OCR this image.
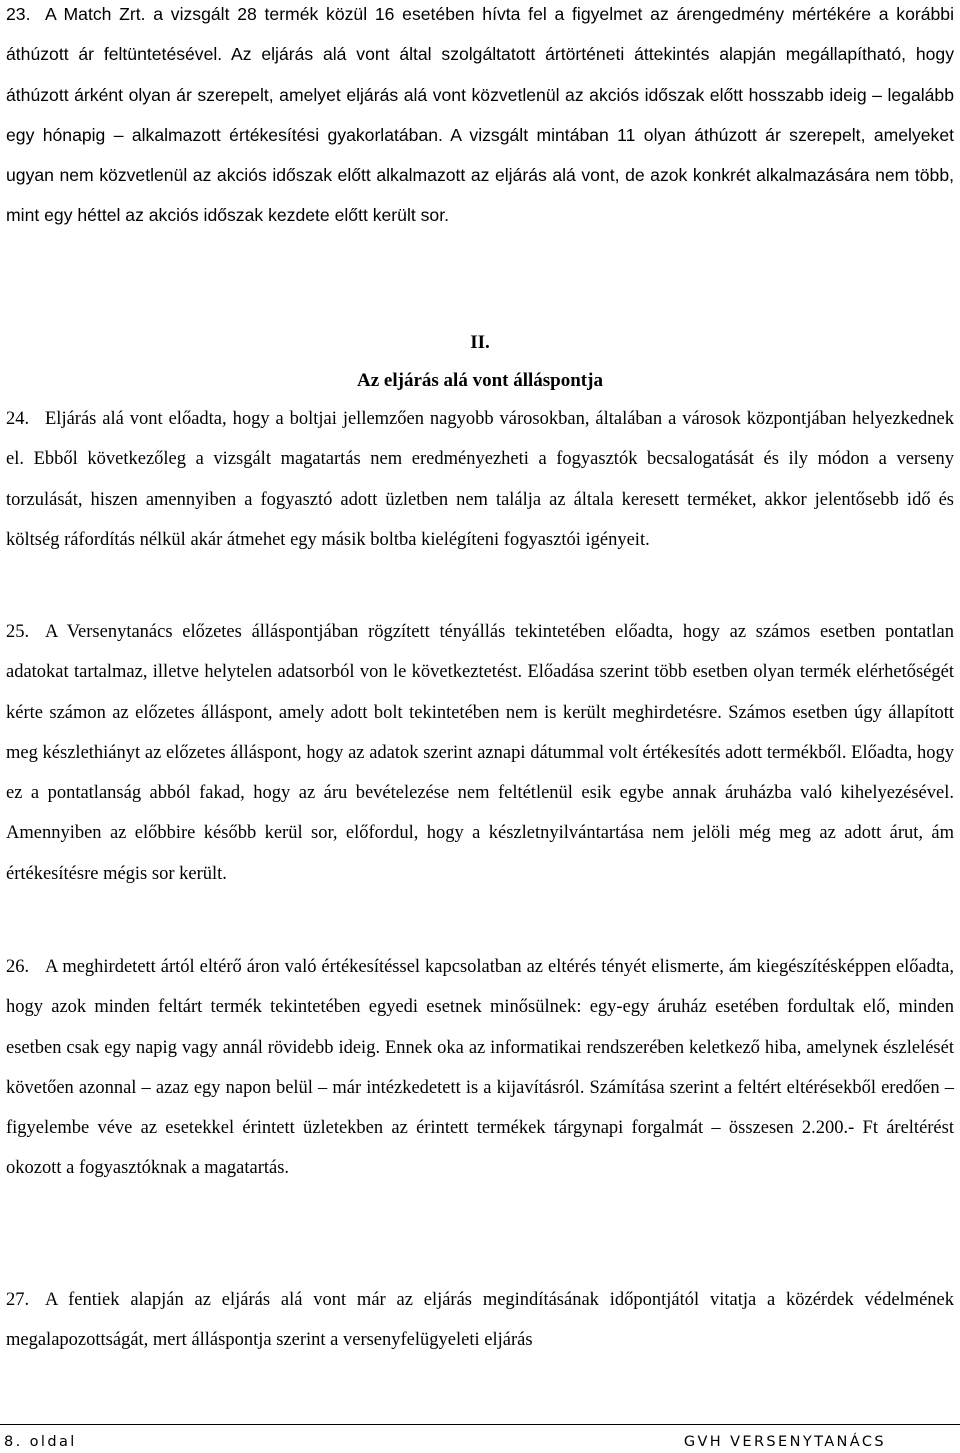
23. A Match Zrt. a vizsgált 28 termék közül 16 esetében hívta fel a figyelmet az árengedmény mértékére a korábbi áthúzott ár feltüntetésével. Az eljárás alá vont által szolgáltatott ártörténeti áttekintés alapján megállapítható, hogy áthúzott árként olyan ár szerepelt, amelyet eljárás alá vont közvetlenül az akciós időszak előtt hosszabb ideig – legalább egy hónapig – alkalmazott értékesítési gyakorlatában. A vizsgált mintában 11 olyan áthúzott ár szerepelt, amelyeket ugyan nem közvetlenül az akciós időszak előtt alkalmazott az eljárás alá vont, de azok konkrét alkalmazására nem több, mint egy héttel az akciós időszak kezdete előtt került sor.

II.

Az eljárás alá vont álláspontja

24. Eljárás alá vont előadta, hogy a boltjai jellemzően nagyobb városokban, általában a városok központjában helyezkednek el. Ebből következőleg a vizsgált magatartás nem eredményezheti a fogyasztók becsalogatását és ily módon a verseny torzulását, hiszen amennyiben a fogyasztó adott üzletben nem találja az általa keresett terméket, akkor jelentősebb idő és költség ráfordítás nélkül akár átmehet egy másik boltba kielégíteni fogyasztói igényeit.

25. A Versenytanács előzetes álláspontjában rögzített tényállás tekintetében előadta, hogy az számos esetben pontatlan adatokat tartalmaz, illetve helytelen adatsorból von le következtetést. Előadása szerint több esetben olyan termék elérhetőségét kérte számon az előzetes álláspont, amely adott bolt tekintetében nem is került meghirdetésre. Számos esetben úgy állapított meg készlethiányt az előzetes álláspont, hogy az adatok szerint aznapi dátummal volt értékesítés adott termékből. Előadta, hogy ez a pontatlanság abból fakad, hogy az áru bevételezése nem feltétlenül esik egybe annak áruházba való kihelyezésével. Amennyiben az előbbire később kerül sor, előfordul, hogy a készletnyilvántartása nem jelöli még meg az adott árut, ám értékesítésre mégis sor került.

26. A meghirdetett ártól eltérő áron való értékesítéssel kapcsolatban az eltérés tényét elismerte, ám kiegészítésképpen előadta, hogy azok minden feltárt termék tekintetében egyedi esetnek minősülnek: egy-egy áruház esetében fordultak elő, minden esetben csak egy napig vagy annál rövidebb ideig. Ennek oka az informatikai rendszerében keletkező hiba, amelynek észlelését követően azonnal – azaz egy napon belül – már intézkedetett is a kijavításról. Számítása szerint a feltért eltérésekből eredően – figyelembe véve az esetekkel érintett üzletekben az érintett termékek tárgynapi forgalmát – összesen 2.200.- Ft áreltérést okozott a fogyasztóknak a magatartás.

27. A fentiek alapján az eljárás alá vont már az eljárás megindításának időpontjától vitatja a közérdek védelmének megalapozottságát, mert álláspontja szerint a versenyfelügyeleti eljárás

8. oldal	GVH VERSENYTANÁCS
